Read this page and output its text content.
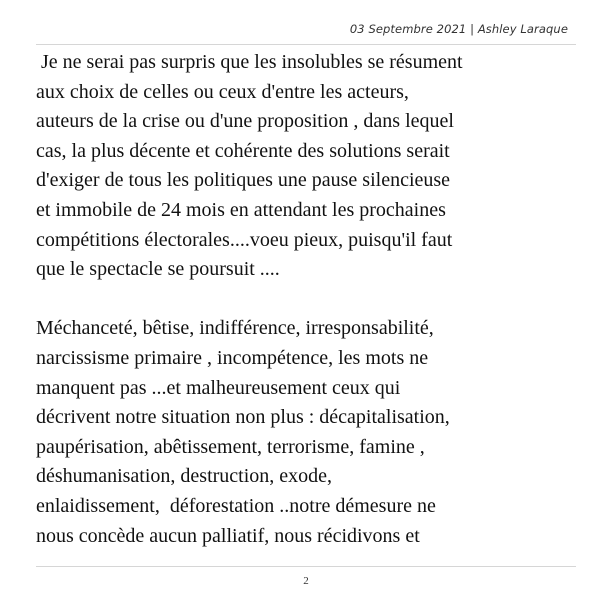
03 Septembre 2021 | Ashley Laraque
Je ne serai pas surpris que les insolubles se résument
aux choix de celles ou ceux d'entre les acteurs,
auteurs de la crise ou d'une proposition , dans lequel
cas, la plus décente et cohérente des solutions serait
d'exiger de tous les politiques une pause silencieuse
et immobile de 24 mois en attendant les prochaines
compétitions électorales....voeu pieux, puisqu'il faut
que le spectacle se poursuit ....
Méchanceté, bêtise, indifférence, irresponsabilité,
narcissisme primaire , incompétence, les mots ne
manquent pas ...et malheureusement ceux qui
décrivent notre situation non plus : décapitalisation,
paupérisation, abêtissement, terrorisme, famine ,
déshumanisation, destruction, exode,
enlaidissement,  déforestation ..notre démesure ne
nous concède aucun palliatif, nous récidivons et
2
